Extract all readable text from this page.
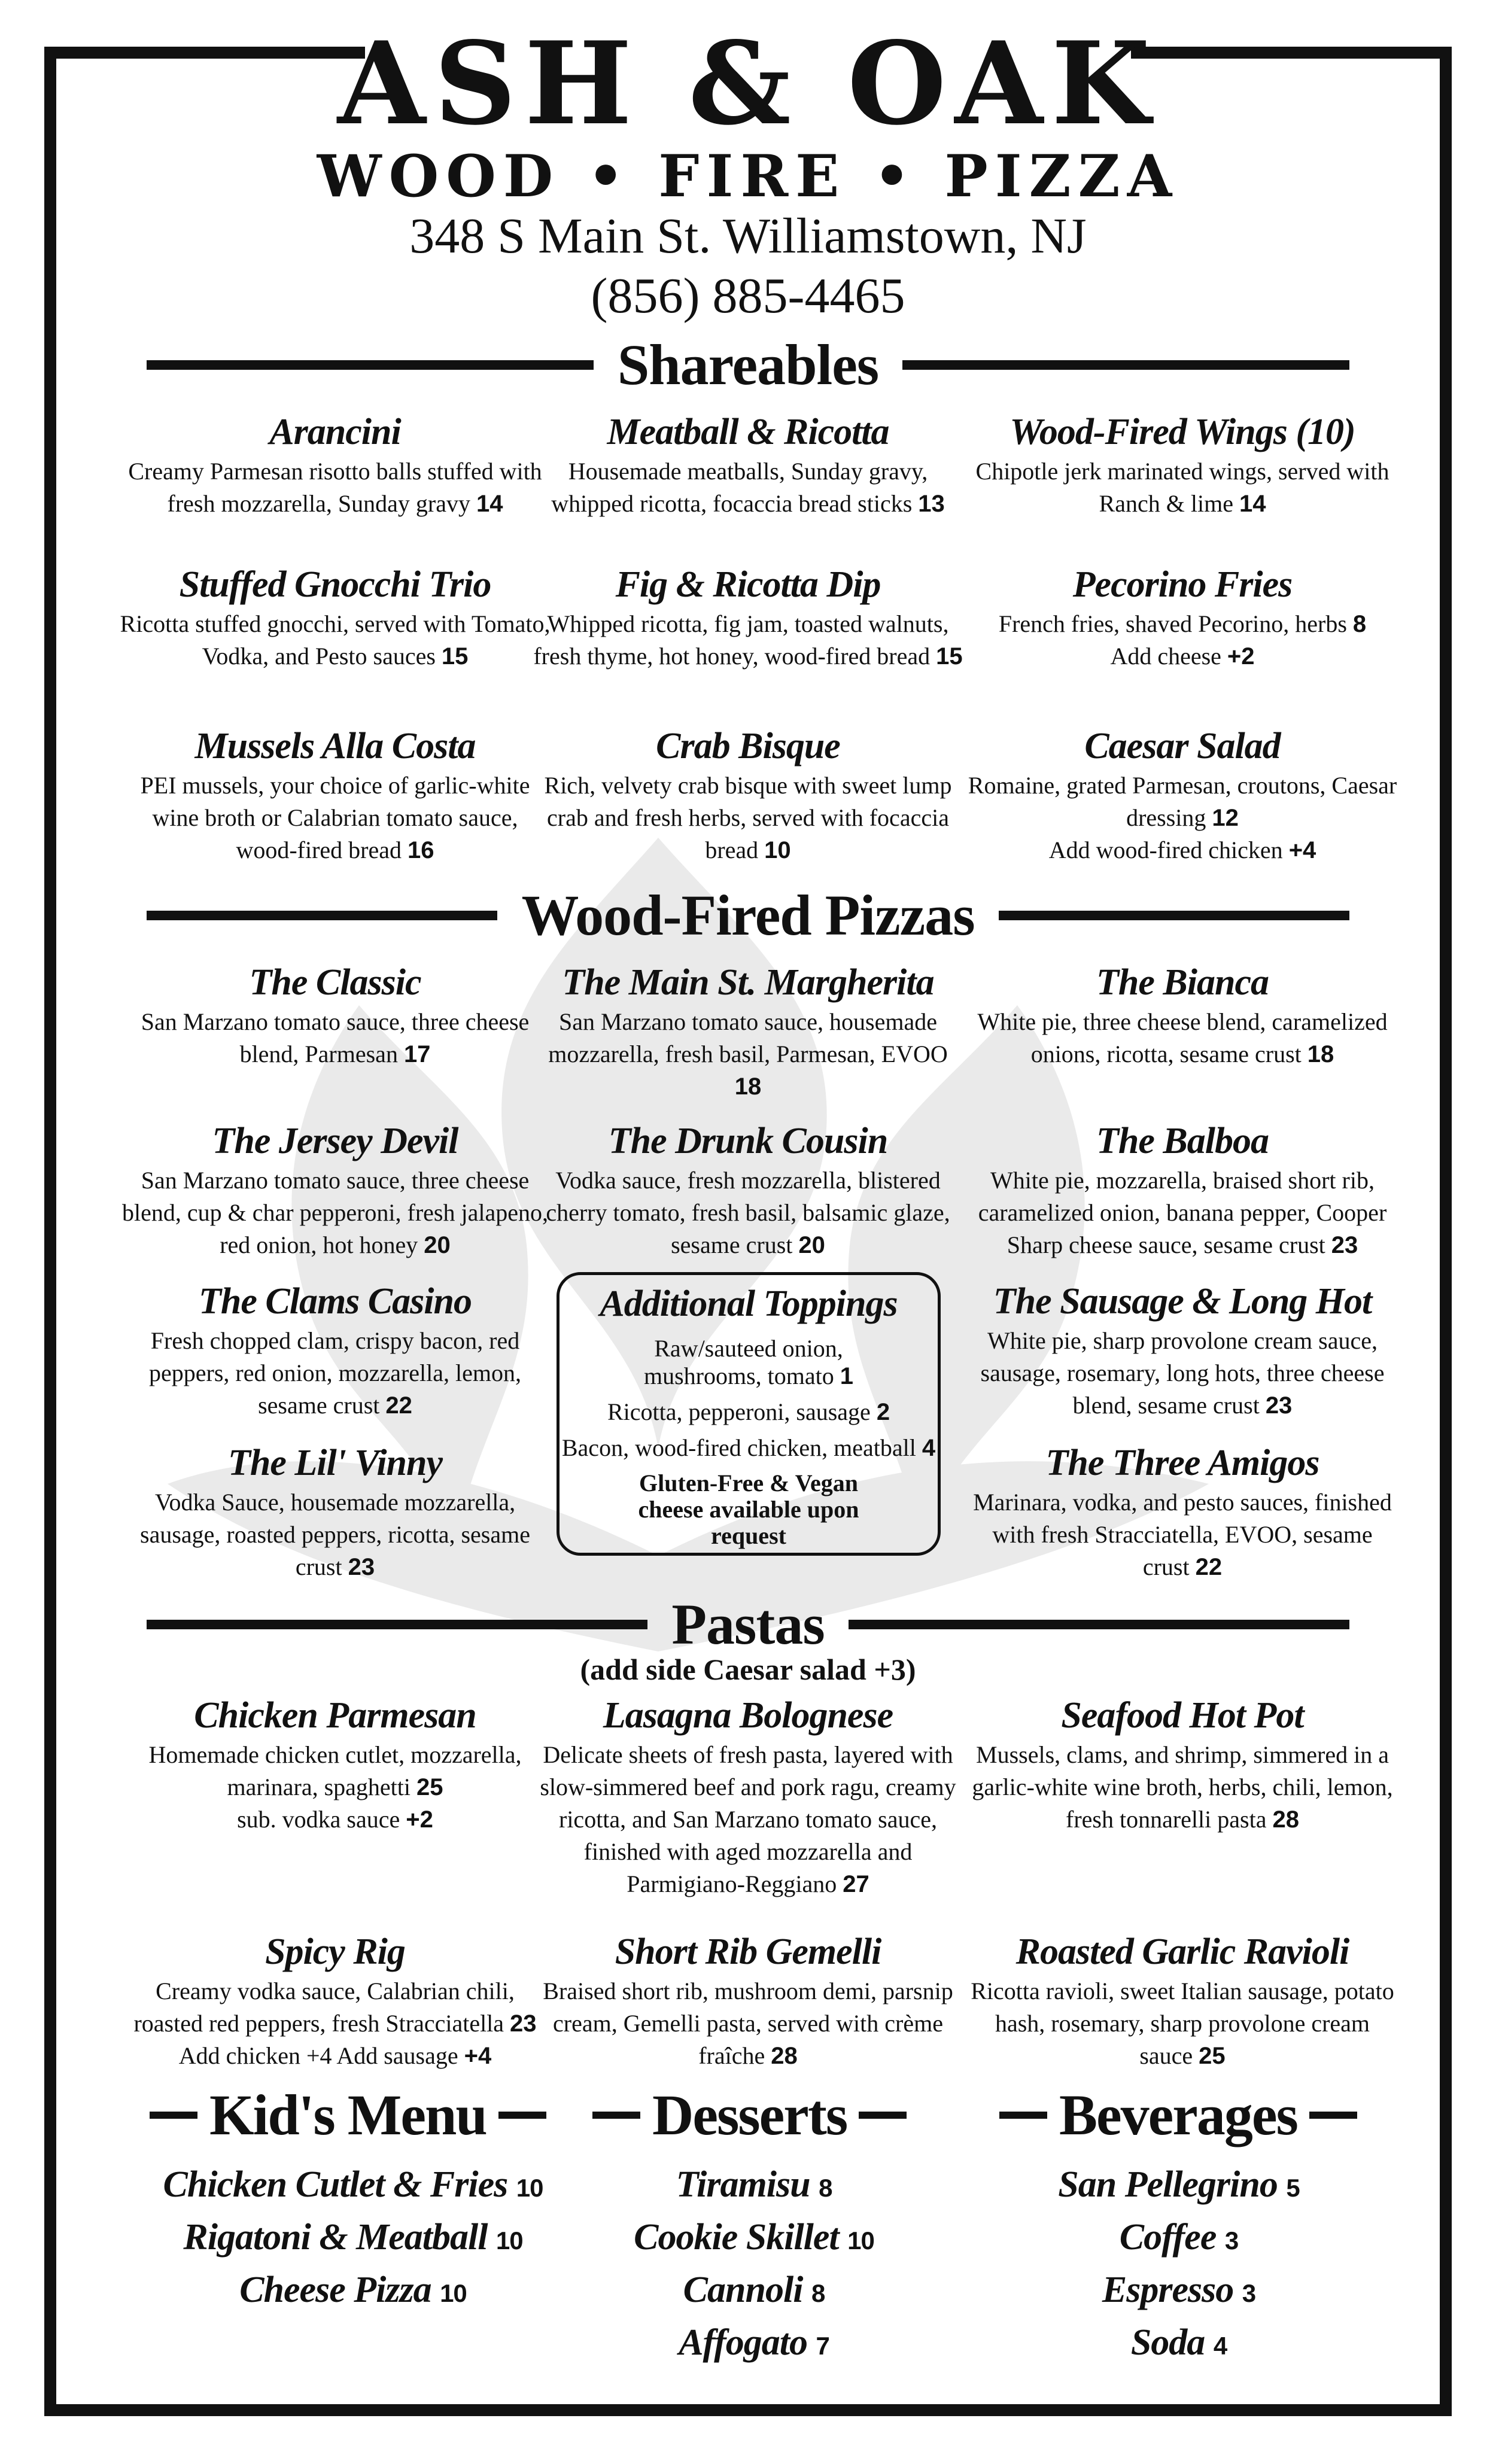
ASH & OAK
WOOD • FIRE • PIZZA
348 S Main St. Williamstown, NJ
(856) 885-4465
Shareables
Arancini
Creamy Parmesan risotto balls stuffed with fresh mozzarella, Sunday gravy 14
Meatball & Ricotta
Housemade meatballs, Sunday gravy, whipped ricotta, focaccia bread sticks 13
Wood-Fired Wings (10)
Chipotle jerk marinated wings, served with Ranch & lime 14
Stuffed Gnocchi Trio
Ricotta stuffed gnocchi, served with Tomato, Vodka, and Pesto sauces 15
Fig & Ricotta Dip
Whipped ricotta, fig jam, toasted walnuts, fresh thyme, hot honey, wood-fired bread 15
Pecorino Fries
French fries, shaved Pecorino, herbs 8
Add cheese +2
Mussels Alla Costa
PEI mussels, your choice of garlic-white wine broth or Calabrian tomato sauce, wood-fired bread 16
Crab Bisque
Rich, velvety crab bisque with sweet lump crab and fresh herbs, served with focaccia bread 10
Caesar Salad
Romaine, grated Parmesan, croutons, Caesar dressing 12
Add wood-fired chicken +4
Wood-Fired Pizzas
The Classic
San Marzano tomato sauce, three cheese blend, Parmesan 17
The Main St. Margherita
San Marzano tomato sauce, housemade mozzarella, fresh basil, Parmesan, EVOO 18
The Bianca
White pie, three cheese blend, caramelized onions, ricotta, sesame crust 18
The Jersey Devil
San Marzano tomato sauce, three cheese blend, cup & char pepperoni, fresh jalapeno, red onion, hot honey 20
The Drunk Cousin
Vodka sauce, fresh mozzarella, blistered cherry tomato, fresh basil, balsamic glaze, sesame crust 20
The Balboa
White pie, mozzarella, braised short rib, caramelized onion, banana pepper, Cooper Sharp cheese sauce, sesame crust 23
The Clams Casino
Fresh chopped clam, crispy bacon, red peppers, red onion, mozzarella, lemon, sesame crust 22
The Sausage & Long Hot
White pie, sharp provolone cream sauce, sausage, rosemary, long hots, three cheese blend, sesame crust 23
The Lil' Vinny
Vodka Sauce, housemade mozzarella, sausage, roasted peppers, ricotta, sesame crust 23
The Three Amigos
Marinara, vodka, and pesto sauces, finished with fresh Stracciatella, EVOO, sesame crust 22
Additional Toppings
Raw/sauteed onion, mushrooms, tomato 1
Ricotta, pepperoni, sausage 2
Bacon, wood-fired chicken, meatball 4
Gluten-Free & Vegan cheese available upon request
Pastas
(add side Caesar salad +3)
Chicken Parmesan
Homemade chicken cutlet, mozzarella, marinara, spaghetti 25
sub. vodka sauce +2
Lasagna Bolognese
Delicate sheets of fresh pasta, layered with slow-simmered beef and pork ragu, creamy ricotta, and San Marzano tomato sauce, finished with aged mozzarella and Parmigiano-Reggiano 27
Seafood Hot Pot
Mussels, clams, and shrimp, simmered in a garlic-white wine broth, herbs, chili, lemon, fresh tonnarelli pasta 28
Spicy Rig
Creamy vodka sauce, Calabrian chili, roasted red peppers, fresh Stracciatella 23
Add chicken +4 Add sausage +4
Short Rib Gemelli
Braised short rib, mushroom demi, parsnip cream, Gemelli pasta, served with crème fraîche 28
Roasted Garlic Ravioli
Ricotta ravioli, sweet Italian sausage, potato hash, rosemary, sharp provolone cream sauce 25
Kid's Menu	Desserts	Beverages
Chicken Cutlet & Fries 10
Rigatoni & Meatball 10
Cheese Pizza 10
Tiramisu 8
Cookie Skillet 10
Cannoli 8
Affogato 7
San Pellegrino 5
Coffee 3
Espresso 3
Soda 4
